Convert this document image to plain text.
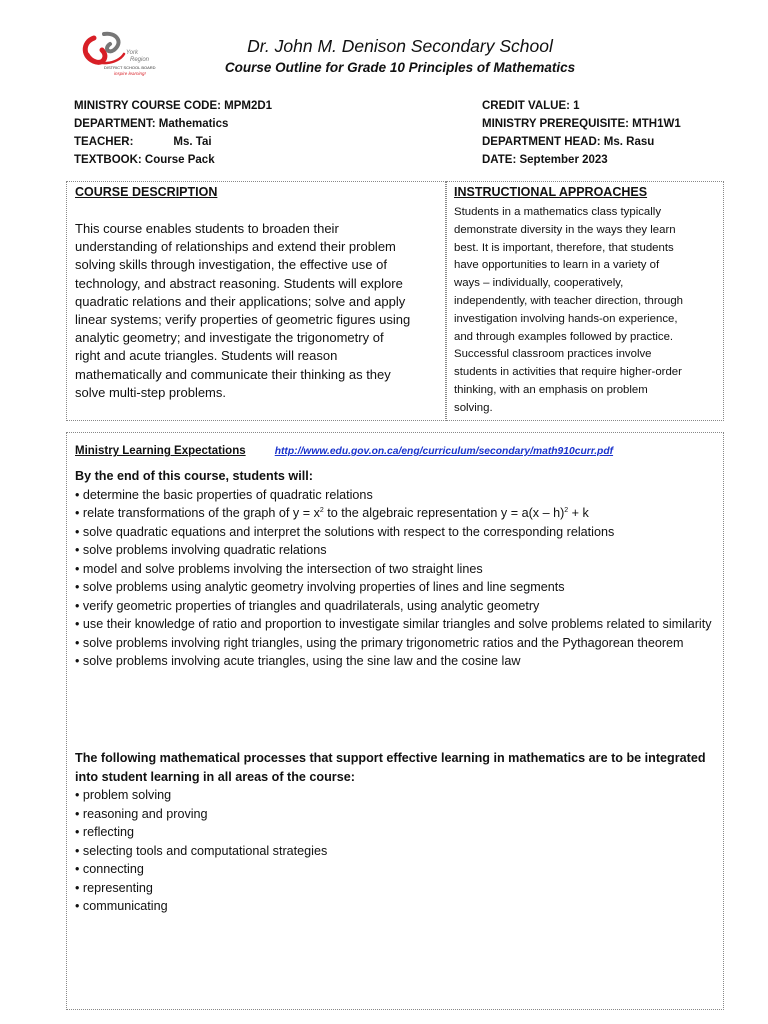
York
Region
DISTRICT SCHOOL BOARD
inspire learning!
Dr. John M. Denison Secondary School
Course Outline for Grade 10 Principles of Mathematics
MINISTRY COURSE CODE: MPM2D1
DEPARTMENT: Mathematics
TEACHER:	Ms. Tai
TEXTBOOK: Course Pack
CREDIT VALUE: 1
MINISTRY PREREQUISITE: MTH1W1
DEPARTMENT HEAD: Ms. Rasu
DATE: September 2023
COURSE DESCRIPTION
This course enables students to broaden their
understanding of relationships and extend their problem
solving skills through investigation, the effective use of
technology, and abstract reasoning. Students will explore
quadratic relations and their applications; solve and apply
linear systems; verify properties of geometric figures using
analytic geometry; and investigate the trigonometry of
right and acute triangles. Students will reason
mathematically and communicate their thinking as they
solve multi-step problems.
INSTRUCTIONAL APPROACHES
Students in a mathematics class typically
demonstrate diversity in the ways they learn
best. It is important, therefore, that students
have opportunities to learn in a variety of
ways – individually, cooperatively,
independently, with teacher direction, through
investigation involving hands-on experience,
and through examples followed by practice.
Successful classroom practices involve
students in activities that require higher-order
thinking, with an emphasis on problem
solving.
Ministry Learning Expectations	http://www.edu.gov.on.ca/eng/curriculum/secondary/math910curr.pdf
By the end of this course, students will:
• determine the basic properties of quadratic relations
• relate transformations of the graph of $y = x^2$ to the algebraic representation y = a(x – h)$^2$ + k
• solve quadratic equations and interpret the solutions with respect to the corresponding relations
• solve problems involving quadratic relations
• model and solve problems involving the intersection of two straight lines
• solve problems using analytic geometry involving properties of lines and line segments
• verify geometric properties of triangles and quadrilaterals, using analytic geometry
• use their knowledge of ratio and proportion to investigate similar triangles and solve problems related to similarity
• solve problems involving right triangles, using the primary trigonometric ratios and the Pythagorean theorem
• solve problems involving acute triangles, using the sine law and the cosine law
The following mathematical processes that support effective learning in mathematics are to be integrated into student learning in all areas of the course:
• problem solving
• reasoning and proving
• reflecting
• selecting tools and computational strategies
• connecting
• representing
• communicating
